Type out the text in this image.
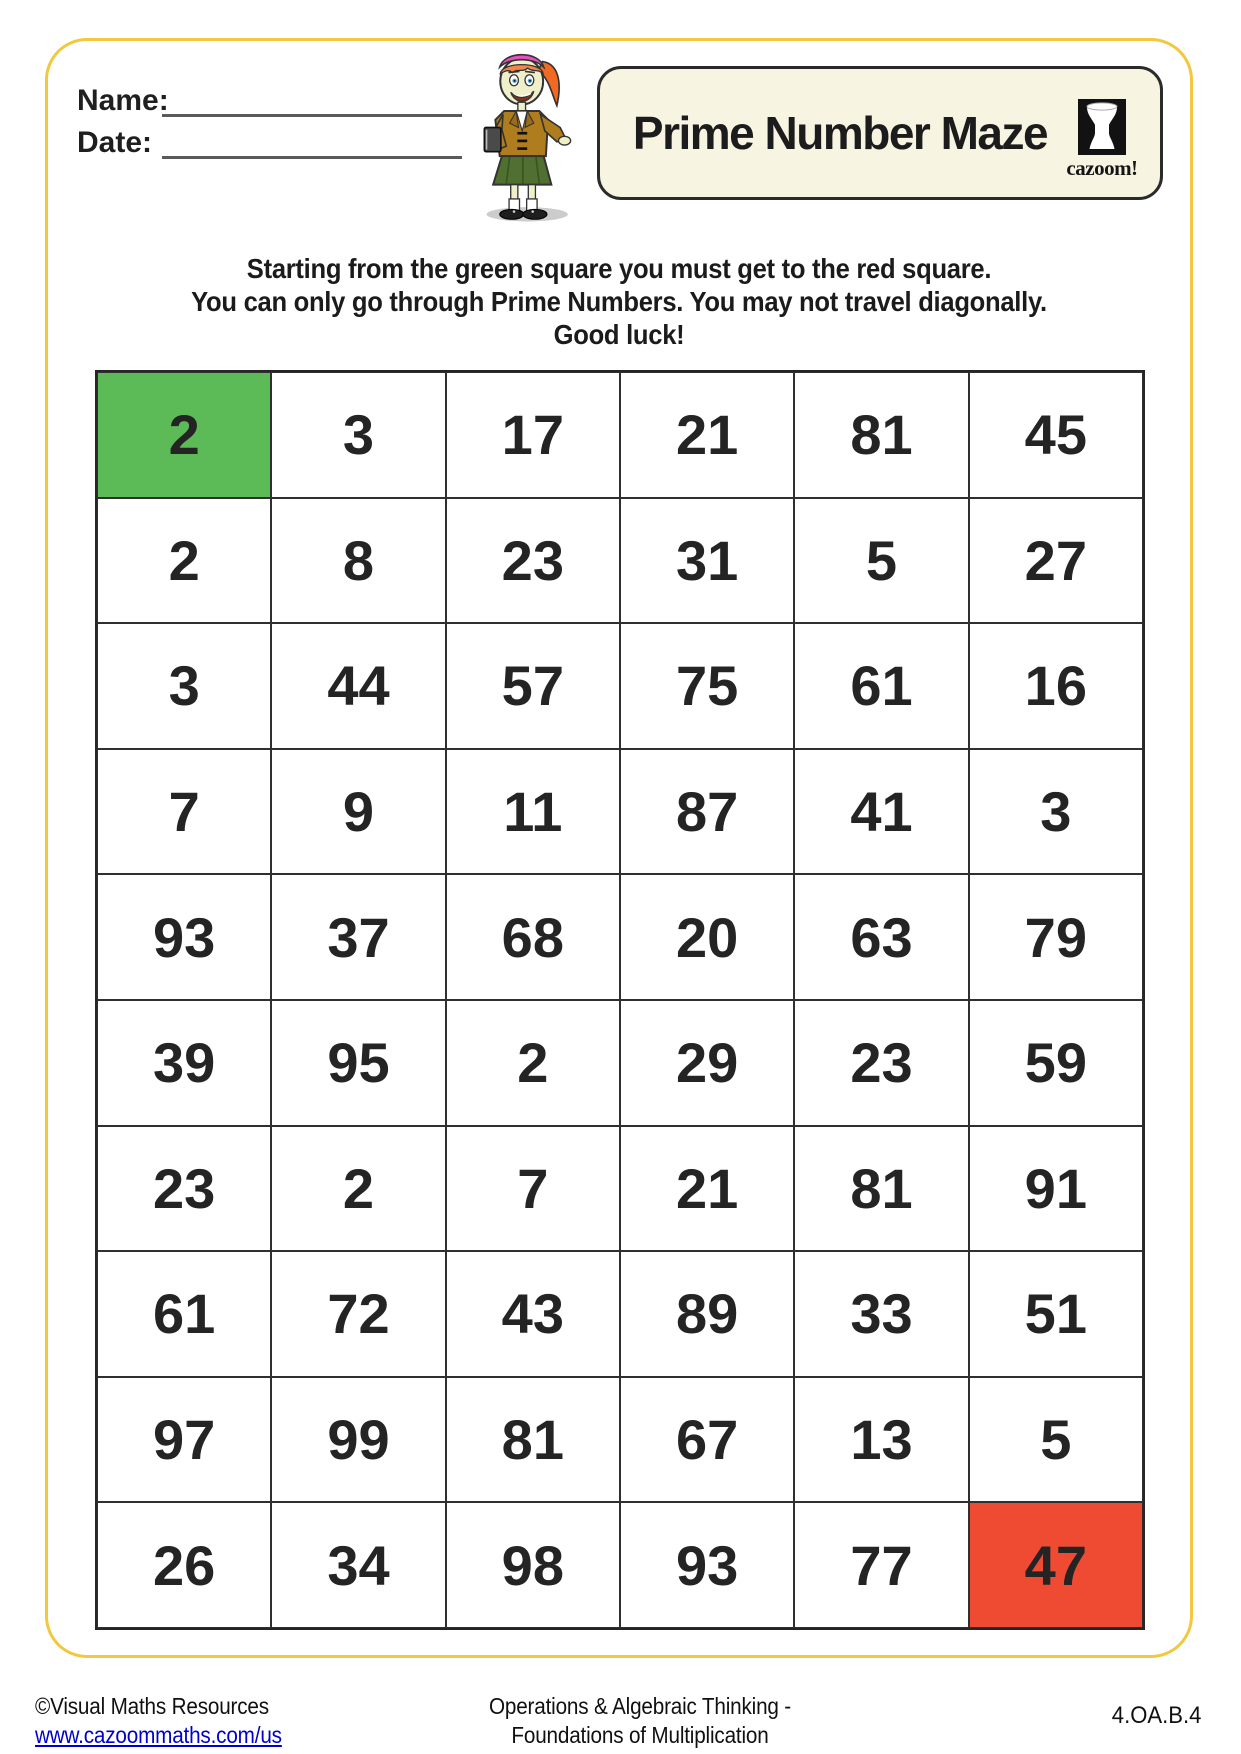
Name:
Date:	Prime Number Maze
cazoom!
Starting from the green square you must get to the red square.
You can only go through Prime Numbers. You may not travel diagonally.
Good luck!
2	3	17	21	81	45
2	8	23	31	5	27
3	44	57	75	61	16
7	9	11	87	41	3
93	37	68	20	63	79
39	95	2	29	23	59
23	2	7	21	81	91
61	72	43	89	33	51
97	99	81	67	13	5
26	34	98	93	77	47
©Visual Maths Resources
www.cazoommaths.com/us
Operations & Algebraic Thinking -
Foundations of Multiplication
4.OA.B.4
